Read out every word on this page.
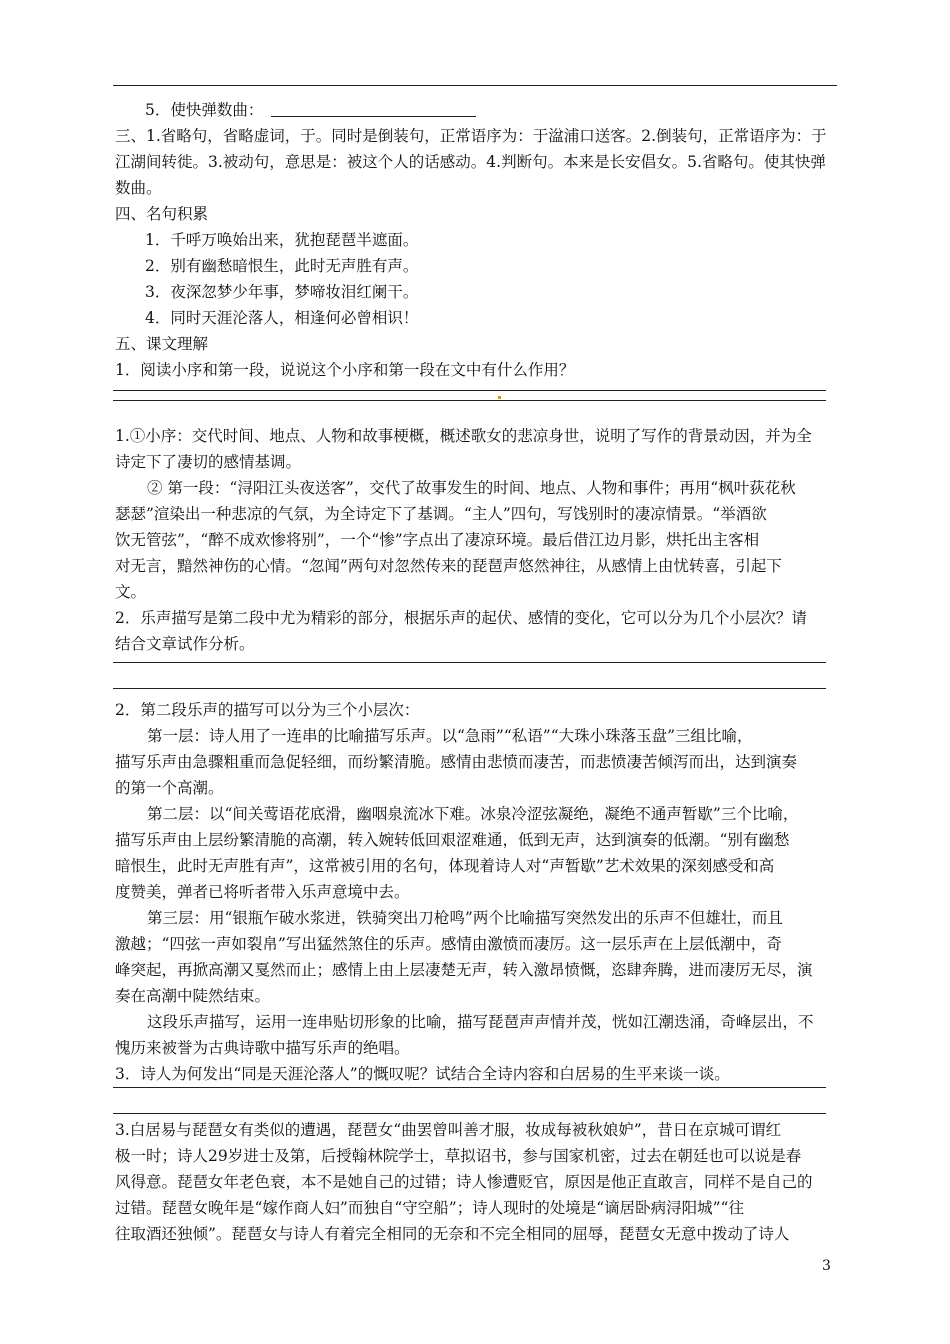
5．使快弹数曲：
三、1.省略句，省略虚词，于。同时是倒装句，正常语序为：于湓浦口送客。2.倒装句，正常语序为：于
江湖间转徙。3.被动句，意思是：被这个人的话感动。4.判断句。本来是长安倡女。5.省略句。使其快弹
数曲。
四、名句积累
1．千呼万唤始出来，犹抱琵琶半遮面。
2．别有幽愁暗恨生，此时无声胜有声。
3．夜深忽梦少年事，梦啼妆泪红阑干。
4．同时天涯沦落人，相逢何必曾相识！
五、课文理解
1．阅读小序和第一段，说说这个小序和第一段在文中有什么作用？
1.①小序：交代时间、地点、人物和故事梗概，概述歌女的悲凉身世，说明了写作的背景动因，并为全
诗定下了凄切的感情基调。
② 第一段：“浔阳江头夜送客”，交代了故事发生的时间、地点、人物和事件；再用“枫叶荻花秋
瑟瑟”渲染出一种悲凉的气氛，为全诗定下了基调。“主人”四句，写饯别时的凄凉情景。“举酒欲
饮无管弦”，“醉不成欢惨将别”，一个“惨”字点出了凄凉环境。最后借江边月影，烘托出主客相
对无言，黯然神伤的心情。“忽闻”两句对忽然传来的琵琶声悠然神往，从感情上由忧转喜，引起下
文。
2．乐声描写是第二段中尤为精彩的部分，根据乐声的起伏、感情的变化，它可以分为几个小层次？请
结合文章试作分析。
2．第二段乐声的描写可以分为三个小层次：
第一层：诗人用了一连串的比喻描写乐声。以“急雨”“私语”“大珠小珠落玉盘”三组比喻，
描写乐声由急骤粗重而急促轻细，而纷繁清脆。感情由悲愤而凄苦，而悲愤凄苦倾泻而出，达到演奏
的第一个高潮。
第二层：以“间关莺语花底滑，幽咽泉流冰下难。冰泉冷涩弦凝绝，凝绝不通声暂歇”三个比喻，
描写乐声由上层纷繁清脆的高潮，转入婉转低回艰涩难通，低到无声，达到演奏的低潮。“别有幽愁
暗恨生，此时无声胜有声”，这常被引用的名句，体现着诗人对“声暂歇”艺术效果的深刻感受和高
度赞美，弹者已将听者带入乐声意境中去。
第三层：用“银瓶乍破水浆迸，铁骑突出刀枪鸣”两个比喻描写突然发出的乐声不但雄壮，而且
激越；“四弦一声如裂帛”写出猛然煞住的乐声。感情由激愤而凄厉。这一层乐声在上层低潮中，奇
峰突起，再掀高潮又戛然而止；感情上由上层凄楚无声，转入激昂愤慨，恣肆奔腾，进而凄厉无尽，演
奏在高潮中陡然结束。
这段乐声描写，运用一连串贴切形象的比喻，描写琵琶声声情并茂，恍如江潮迭涌，奇峰层出，不
愧历来被誉为古典诗歌中描写乐声的绝唱。
3．诗人为何发出“同是天涯沦落人”的慨叹呢？试结合全诗内容和白居易的生平来谈一谈。
3.白居易与琵琶女有类似的遭遇，琵琶女“曲罢曾叫善才服，妆成每被秋娘妒”，昔日在京城可谓红
极一时；诗人29岁进士及第，后授翰林院学士，草拟诏书，参与国家机密，过去在朝廷也可以说是春
风得意。琵琶女年老色衰，本不是她自己的过错；诗人惨遭贬官，原因是他正直敢言，同样不是自己的
过错。琵琶女晚年是“嫁作商人妇”而独自“守空船”；诗人现时的处境是“谪居卧病浔阳城”“往
往取酒还独倾”。琵琶女与诗人有着完全相同的无奈和不完全相同的屈辱，琵琶女无意中拨动了诗人
3
